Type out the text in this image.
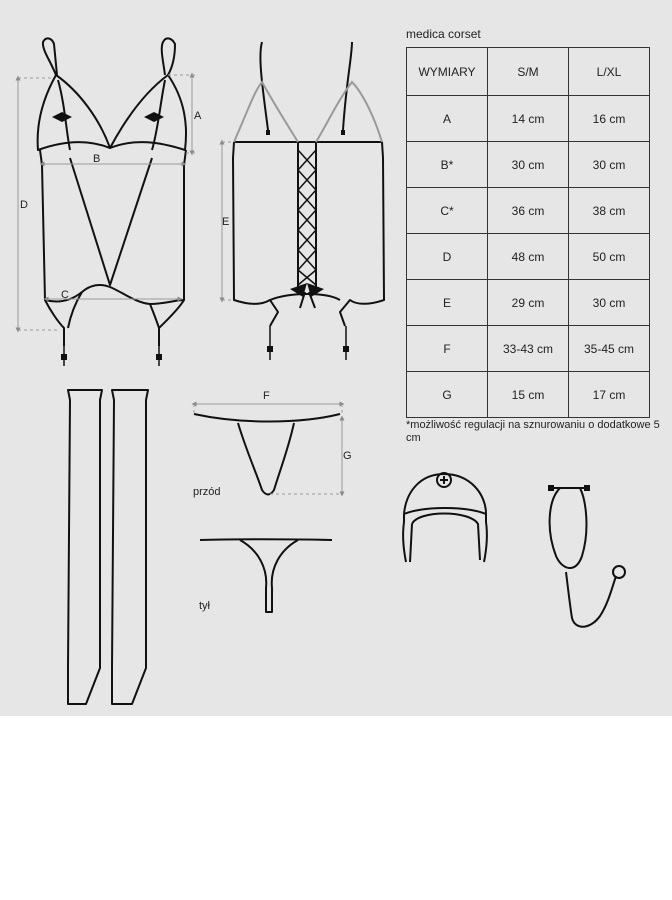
D
A
B
C
E
F
G
przód
tył
medica corset
WYMIARY	S/M	L/XL
A	14 cm	16 cm
B*	30 cm	30 cm
C*	36 cm	38 cm
D	48 cm	50 cm
E	29 cm	30 cm
F	33-43 cm	35-45 cm
G	15 cm	17 cm
*możliwość regulacji na sznurowaniu o dodatkowe 5 cm
